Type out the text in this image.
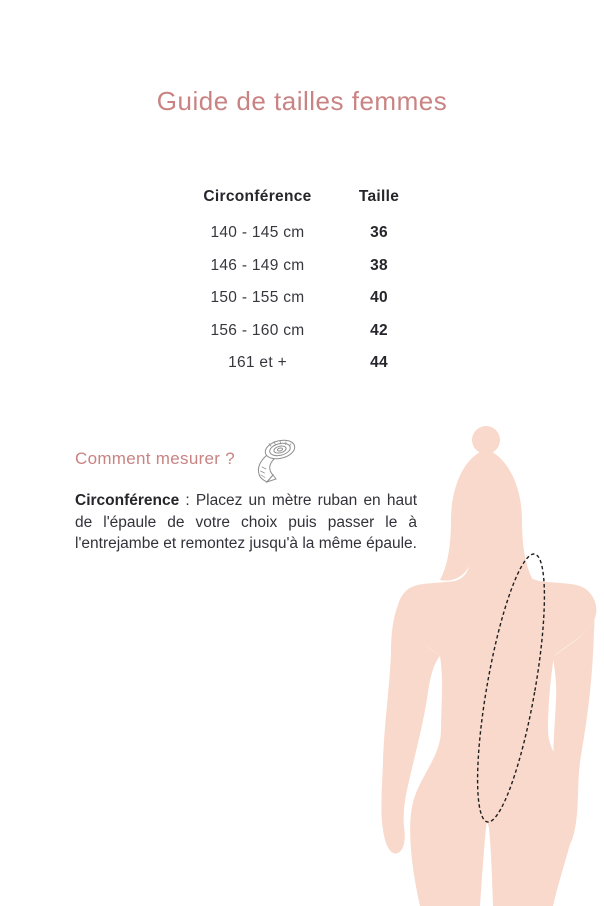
Guide de tailles femmes
Circonférence	Taille
140 - 145 cm	36
146 - 149 cm	38
150 - 155 cm	40
156 - 160 cm	42
161 et +	44
Comment mesurer ?

Circonférence : Placez un mètre ruban en haut de l'épaule de votre choix puis passer le à l'entrejambe et remontez jusqu'à la même épaule.
